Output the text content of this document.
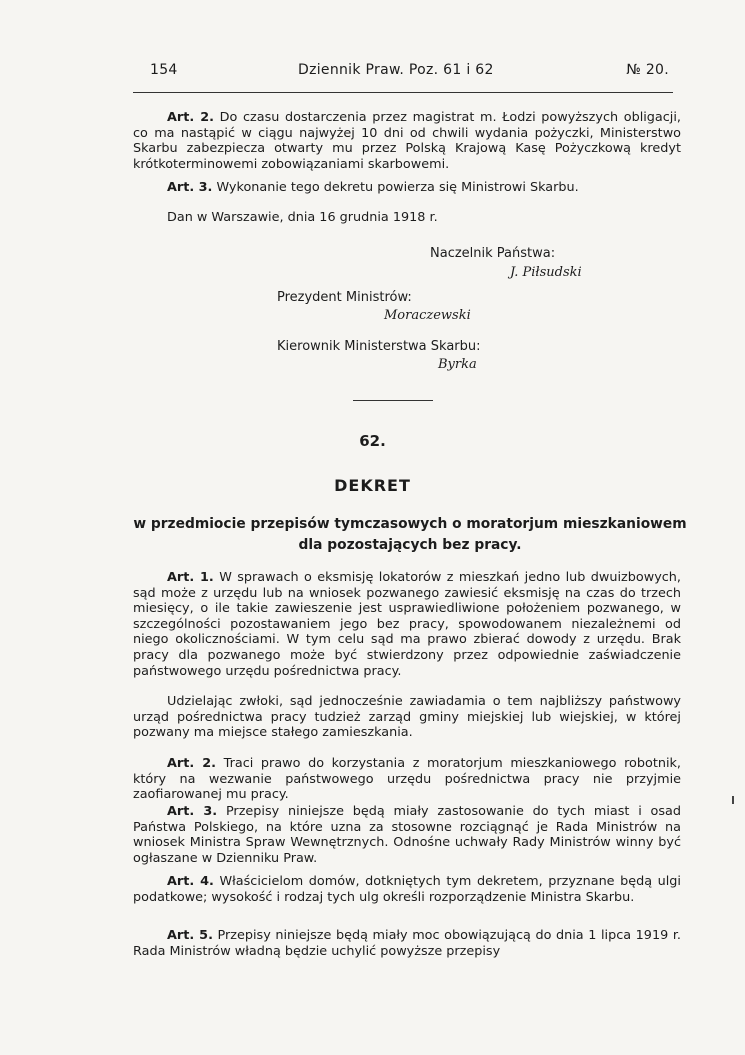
154	Dziennik Praw. Poz. 61 i 62	№ 20.

Art. 2. Do czasu dostarczenia przez magistrat m. Łodzi powyższych obligacji, co ma nastąpić w ciągu najwyżej 10 dni od chwili wydania pożyczki, Ministerstwo Skarbu zabezpiecza otwarty mu przez Polską Krajową Kasę Pożyczkową kredyt krótkoterminowemi zobowiązaniami skarbowemi.

Art. 3. Wykonanie tego dekretu powierza się Ministrowi Skarbu.

Dan w Warszawie, dnia 16 grudnia 1918 r.

Naczelnik Państwa:
J. Piłsudski
Prezydent Ministrów:
Moraczewski
Kierownik Ministerstwa Skarbu:
Byrka
62.
DEKRET
w przedmiocie przepisów tymczasowych o moratorjum mieszkaniowem dla pozostających bez pracy.

Art. 1. W sprawach o eksmisję lokatorów z mieszkań jedno lub dwuizbowych, sąd może z urzędu lub na wniosek pozwanego zawiesić eksmisję na czas do trzech miesięcy, o ile takie zawieszenie jest usprawiedliwione położeniem pozwanego, w szczególności pozostawaniem jego bez pracy, spowodowanem niezależnemi od niego okolicznościami. W tym celu sąd ma prawo zbierać dowody z urzędu. Brak pracy dla pozwanego może być stwierdzony przez odpowiednie zaświadczenie państwowego urzędu pośrednictwa pracy.

Udzielając zwłoki, sąd jednocześnie zawiadamia o tem najbliższy państwowy urząd pośrednictwa pracy tudzież zarząd gminy miejskiej lub wiejskiej, w której pozwany ma miejsce stałego zamieszkania.

Art. 2. Traci prawo do korzystania z moratorjum mieszkaniowego robotnik, który na wezwanie państwowego urzędu pośrednictwa pracy nie przyjmie zaofiarowanej mu pracy.

Art. 3. Przepisy niniejsze będą miały zastosowanie do tych miast i osad Państwa Polskiego, na które uzna za stosowne rozciągnąć je Rada Ministrów na wniosek Ministra Spraw Wewnętrznych. Odnośne uchwały Rady Ministrów winny być ogłaszane w Dzienniku Praw.

Art. 4. Właścicielom domów, dotkniętych tym dekretem, przyznane będą ulgi podatkowe; wysokość i rodzaj tych ulg określi rozporządzenie Ministra Skarbu.

Art. 5. Przepisy niniejsze będą miały moc obowiązującą do dnia 1 lipca 1919 r. Rada Ministrów władną będzie uchylić powyższe przepisy
